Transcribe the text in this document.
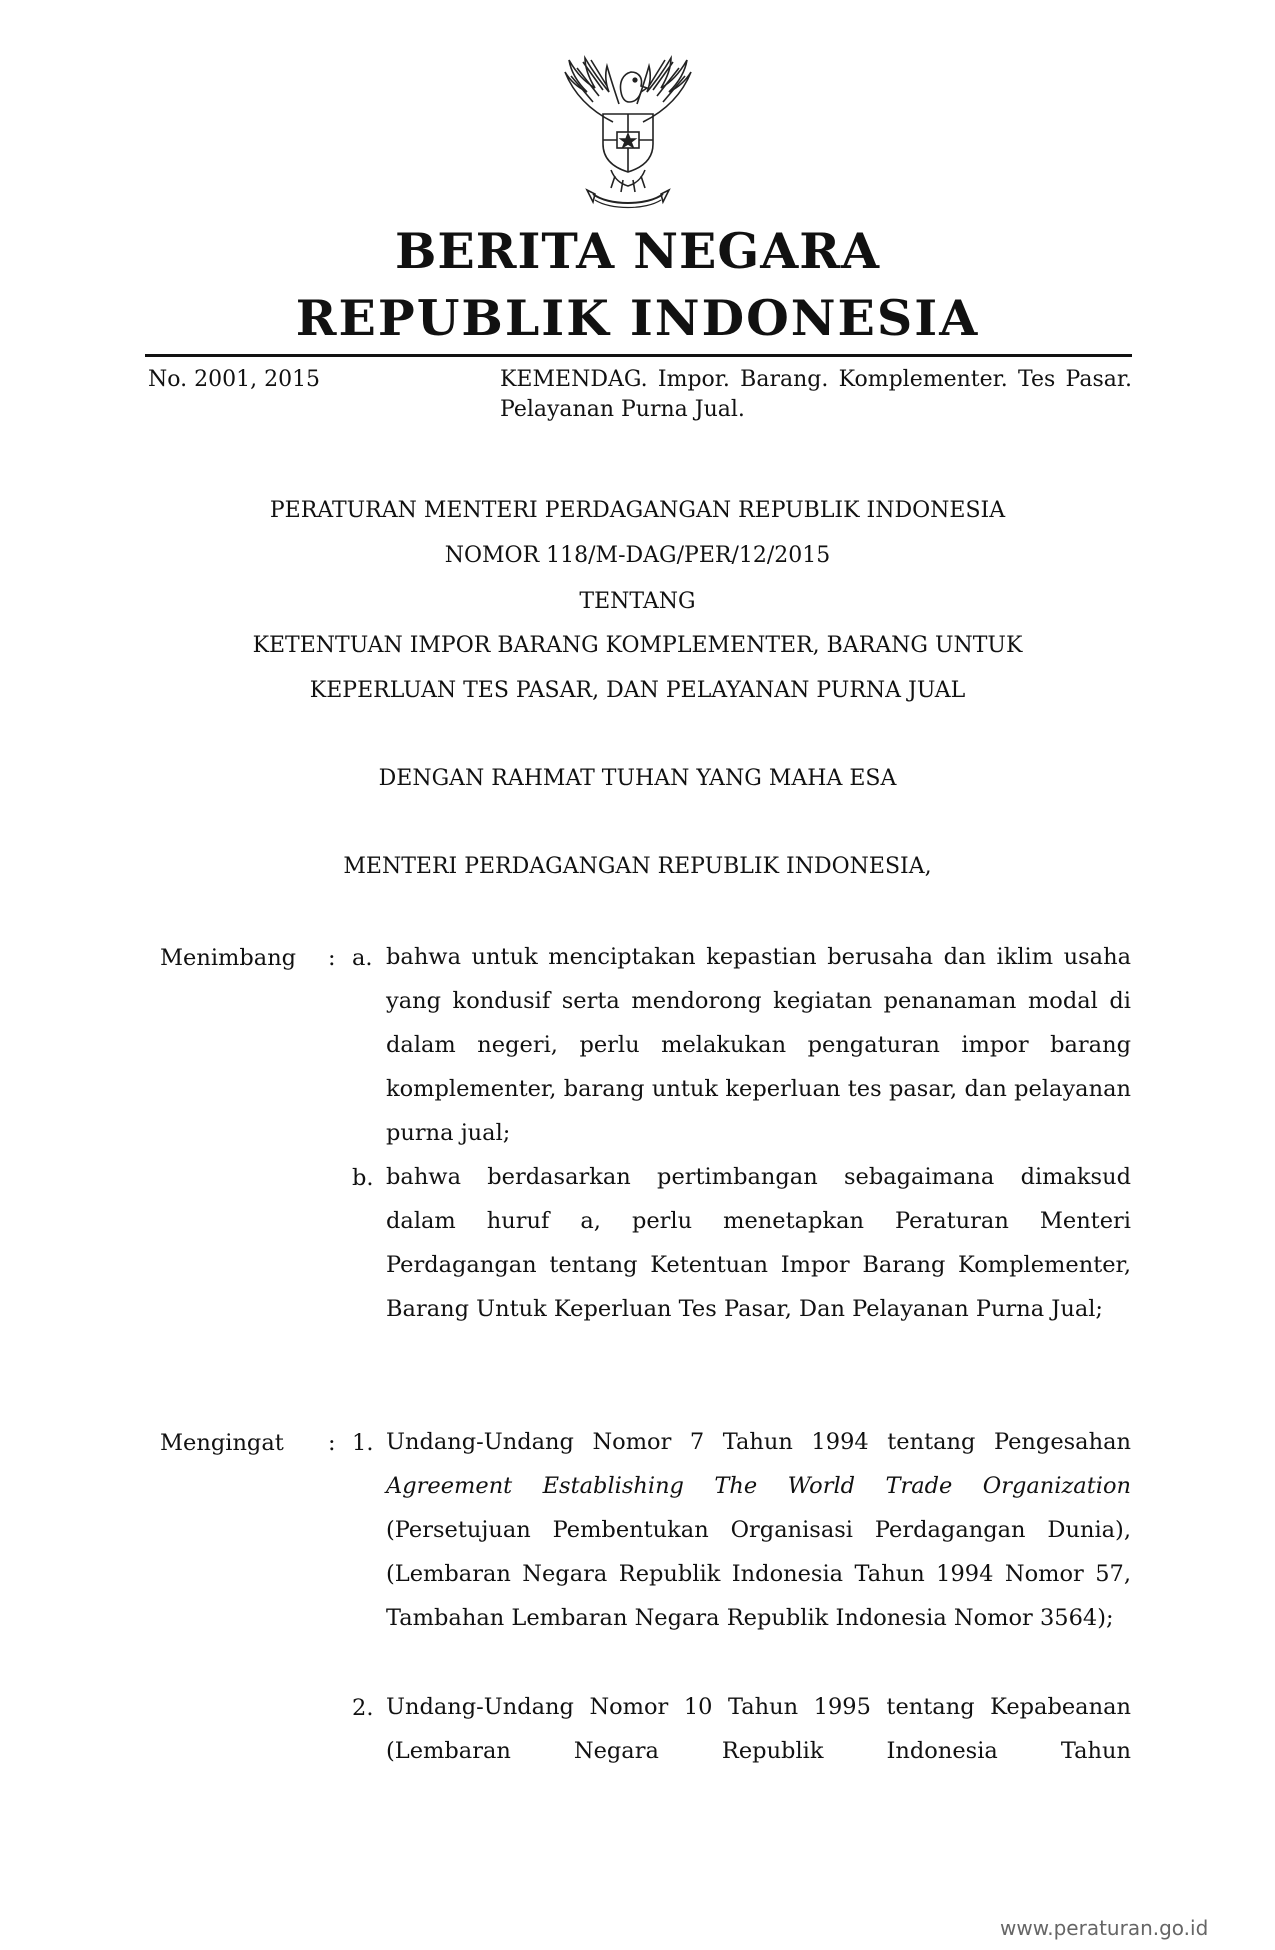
BERITA NEGARA
REPUBLIK INDONESIA
No. 2001, 2015	KEMENDAG. Impor. Barang. Komplementer. Tes Pasar. Pelayanan Purna Jual.
PERATURAN MENTERI PERDAGANGAN REPUBLIK INDONESIA
NOMOR 118/M-DAG/PER/12/2015
TENTANG
KETENTUAN IMPOR BARANG KOMPLEMENTER, BARANG UNTUK
KEPERLUAN TES PASAR, DAN PELAYANAN PURNA JUAL
DENGAN RAHMAT TUHAN YANG MAHA ESA
MENTERI PERDAGANGAN REPUBLIK INDONESIA,
Menimbang : a. bahwa untuk menciptakan kepastian berusaha dan iklim usaha yang kondusif serta mendorong kegiatan penanaman modal di dalam negeri, perlu melakukan pengaturan impor barang komplementer, barang untuk keperluan tes pasar, dan pelayanan purna jual;
b. bahwa berdasarkan pertimbangan sebagaimana dimaksud dalam huruf a, perlu menetapkan Peraturan Menteri Perdagangan tentang Ketentuan Impor Barang Komplementer, Barang Untuk Keperluan Tes Pasar, Dan Pelayanan Purna Jual;
Mengingat : 1. Undang-Undang Nomor 7 Tahun 1994 tentang Pengesahan Agreement Establishing The World Trade Organization (Persetujuan Pembentukan Organisasi Perdagangan Dunia), (Lembaran Negara Republik Indonesia Tahun 1994 Nomor 57, Tambahan Lembaran Negara Republik Indonesia Nomor 3564);
2. Undang-Undang Nomor 10 Tahun 1995 tentang Kepabeanan (Lembaran Negara Republik Indonesia Tahun
www.peraturan.go.id
